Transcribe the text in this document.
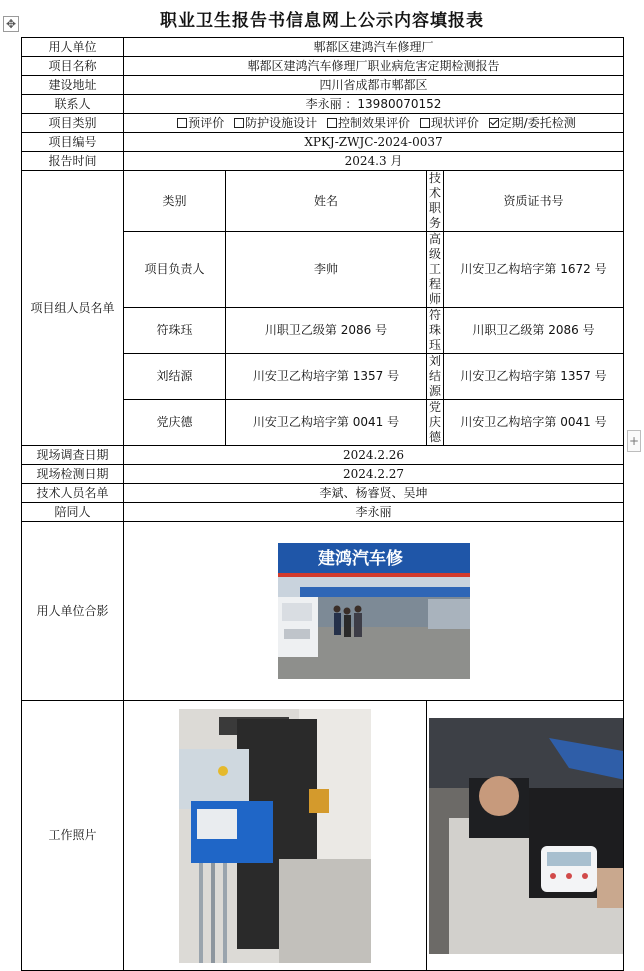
✥
+
职业卫生报告书信息网上公示内容填报表
用人单位	郫都区建鸿汽车修理厂			
项目名称	郫都区建鸿汽车修理厂职业病危害定期检测报告			
建设地址	四川省成都市郫都区			
联系人	李永丽 ：13980070152			
项目类别	预评价 防护设施设计 控制效果评价 现状评价 定期/委托检测			
项目编号	XPKJ-ZWJC-2024-0037			
报告时间	2024.3 月			
项目组人员名单	类别	姓名	技术职务	资质证书号
	项目负责人	李帅	高级工程师	川安卫乙构培字第 1672 号
	符珠珏	川职卫乙级第 2086 号	符珠珏	川职卫乙级第 2086 号
	刘结源	川安卫乙构培字第 1357 号	刘结源	川安卫乙构培字第 1357 号
	党庆德	川安卫乙构培字第 0041 号	党庆德	川安卫乙构培字第 0041 号
现场调查日期	2024.2.26			
现场检测日期	2024.2.27			
技术人员名单	李斌、杨睿贤、吴坤			
陪同人	李永丽			
用人单位合影	建鸿汽车修			

工作照片	
